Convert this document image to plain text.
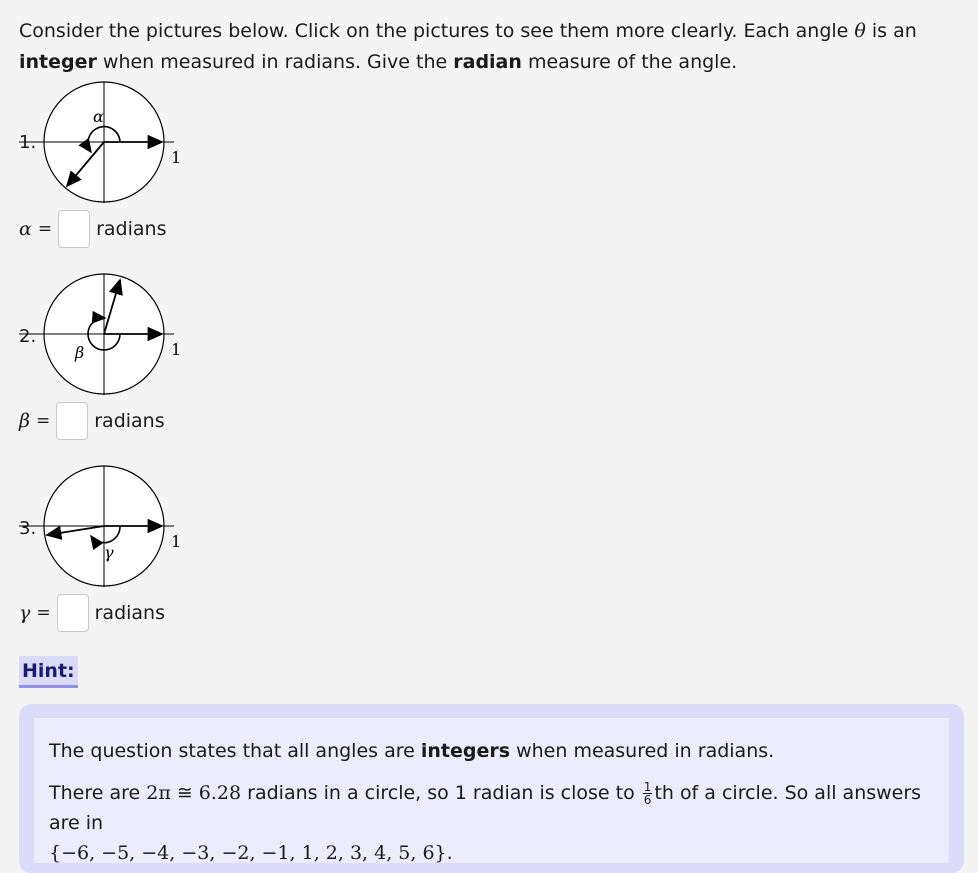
Consider the pictures below. Click on the pictures to see them more clearly. Each angle θ is an integer when measured in radians. Give the radian measure of the angle.
1.
α
1
α = radians
2.
β	1
β = radians
3.
γ
1
γ = radians
Hint:

The question states that all angles are integers when measured in radians.

There are 2π ≅ 6.28 radians in a circle, so 1 radian is close to $\frac{1}{6}$ th of a circle. So all answers are in
{−6, −5, −4, −3, −2, −1, 1, 2, 3, 4, 5, 6}.
